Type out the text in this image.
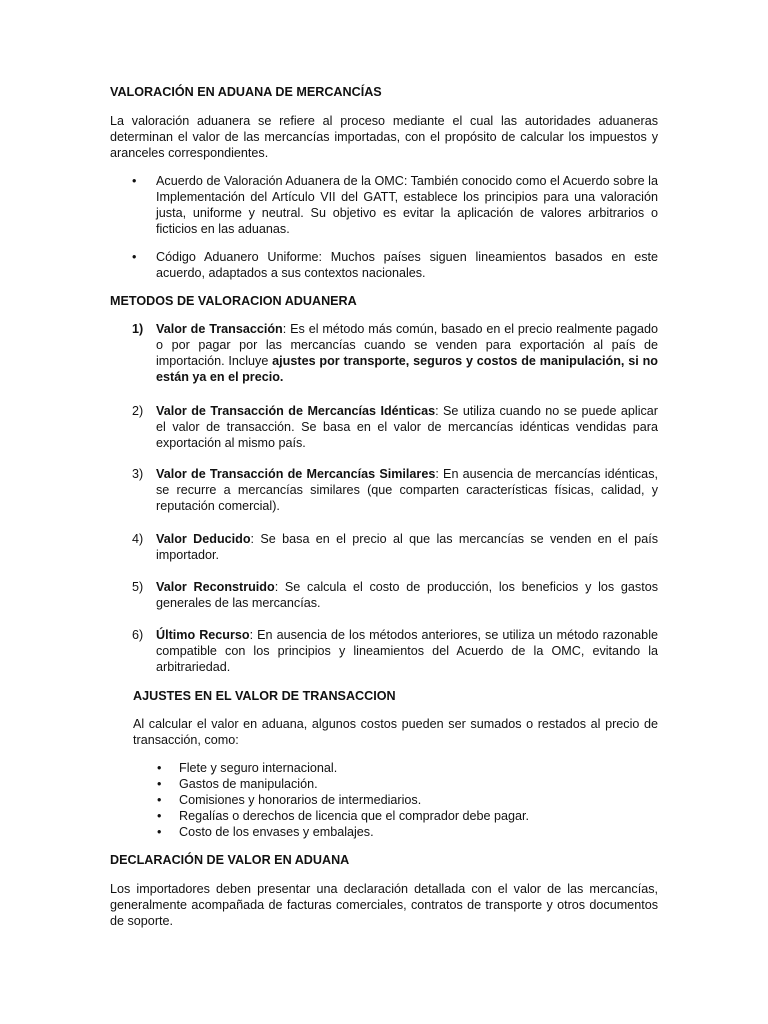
VALORACIÓN EN ADUANA DE MERCANCÍAS
La valoración aduanera se refiere al proceso mediante el cual las autoridades aduaneras determinan el valor de las mercancías importadas, con el propósito de calcular los impuestos y aranceles correspondientes.
• Acuerdo de Valoración Aduanera de la OMC: También conocido como el Acuerdo sobre la Implementación del Artículo VII del GATT, establece los principios para una valoración justa, uniforme y neutral. Su objetivo es evitar la aplicación de valores arbitrarios o ficticios en las aduanas.
• Código Aduanero Uniforme: Muchos países siguen lineamientos basados en este acuerdo, adaptados a sus contextos nacionales.
METODOS DE VALORACION ADUANERA
1) Valor de Transacción: Es el método más común, basado en el precio realmente pagado o por pagar por las mercancías cuando se venden para exportación al país de importación. Incluye ajustes por transporte, seguros y costos de manipulación, si no están ya en el precio.
2) Valor de Transacción de Mercancías Idénticas: Se utiliza cuando no se puede aplicar el valor de transacción. Se basa en el valor de mercancías idénticas vendidas para exportación al mismo país.
3) Valor de Transacción de Mercancías Similares: En ausencia de mercancías idénticas, se recurre a mercancías similares (que comparten características físicas, calidad, y reputación comercial).
4) Valor Deducido: Se basa en el precio al que las mercancías se venden en el país importador.
5) Valor Reconstruido: Se calcula el costo de producción, los beneficios y los gastos generales de las mercancías.
6) Último Recurso: En ausencia de los métodos anteriores, se utiliza un método razonable compatible con los principios y lineamientos del Acuerdo de la OMC, evitando la arbitrariedad.
AJUSTES EN EL VALOR DE TRANSACCION
Al calcular el valor en aduana, algunos costos pueden ser sumados o restados al precio de transacción, como:
• Flete y seguro internacional.
• Gastos de manipulación.
• Comisiones y honorarios de intermediarios.
• Regalías o derechos de licencia que el comprador debe pagar.
• Costo de los envases y embalajes.
DECLARACIÓN DE VALOR EN ADUANA
Los importadores deben presentar una declaración detallada con el valor de las mercancías, generalmente acompañada de facturas comerciales, contratos de transporte y otros documentos de soporte.
